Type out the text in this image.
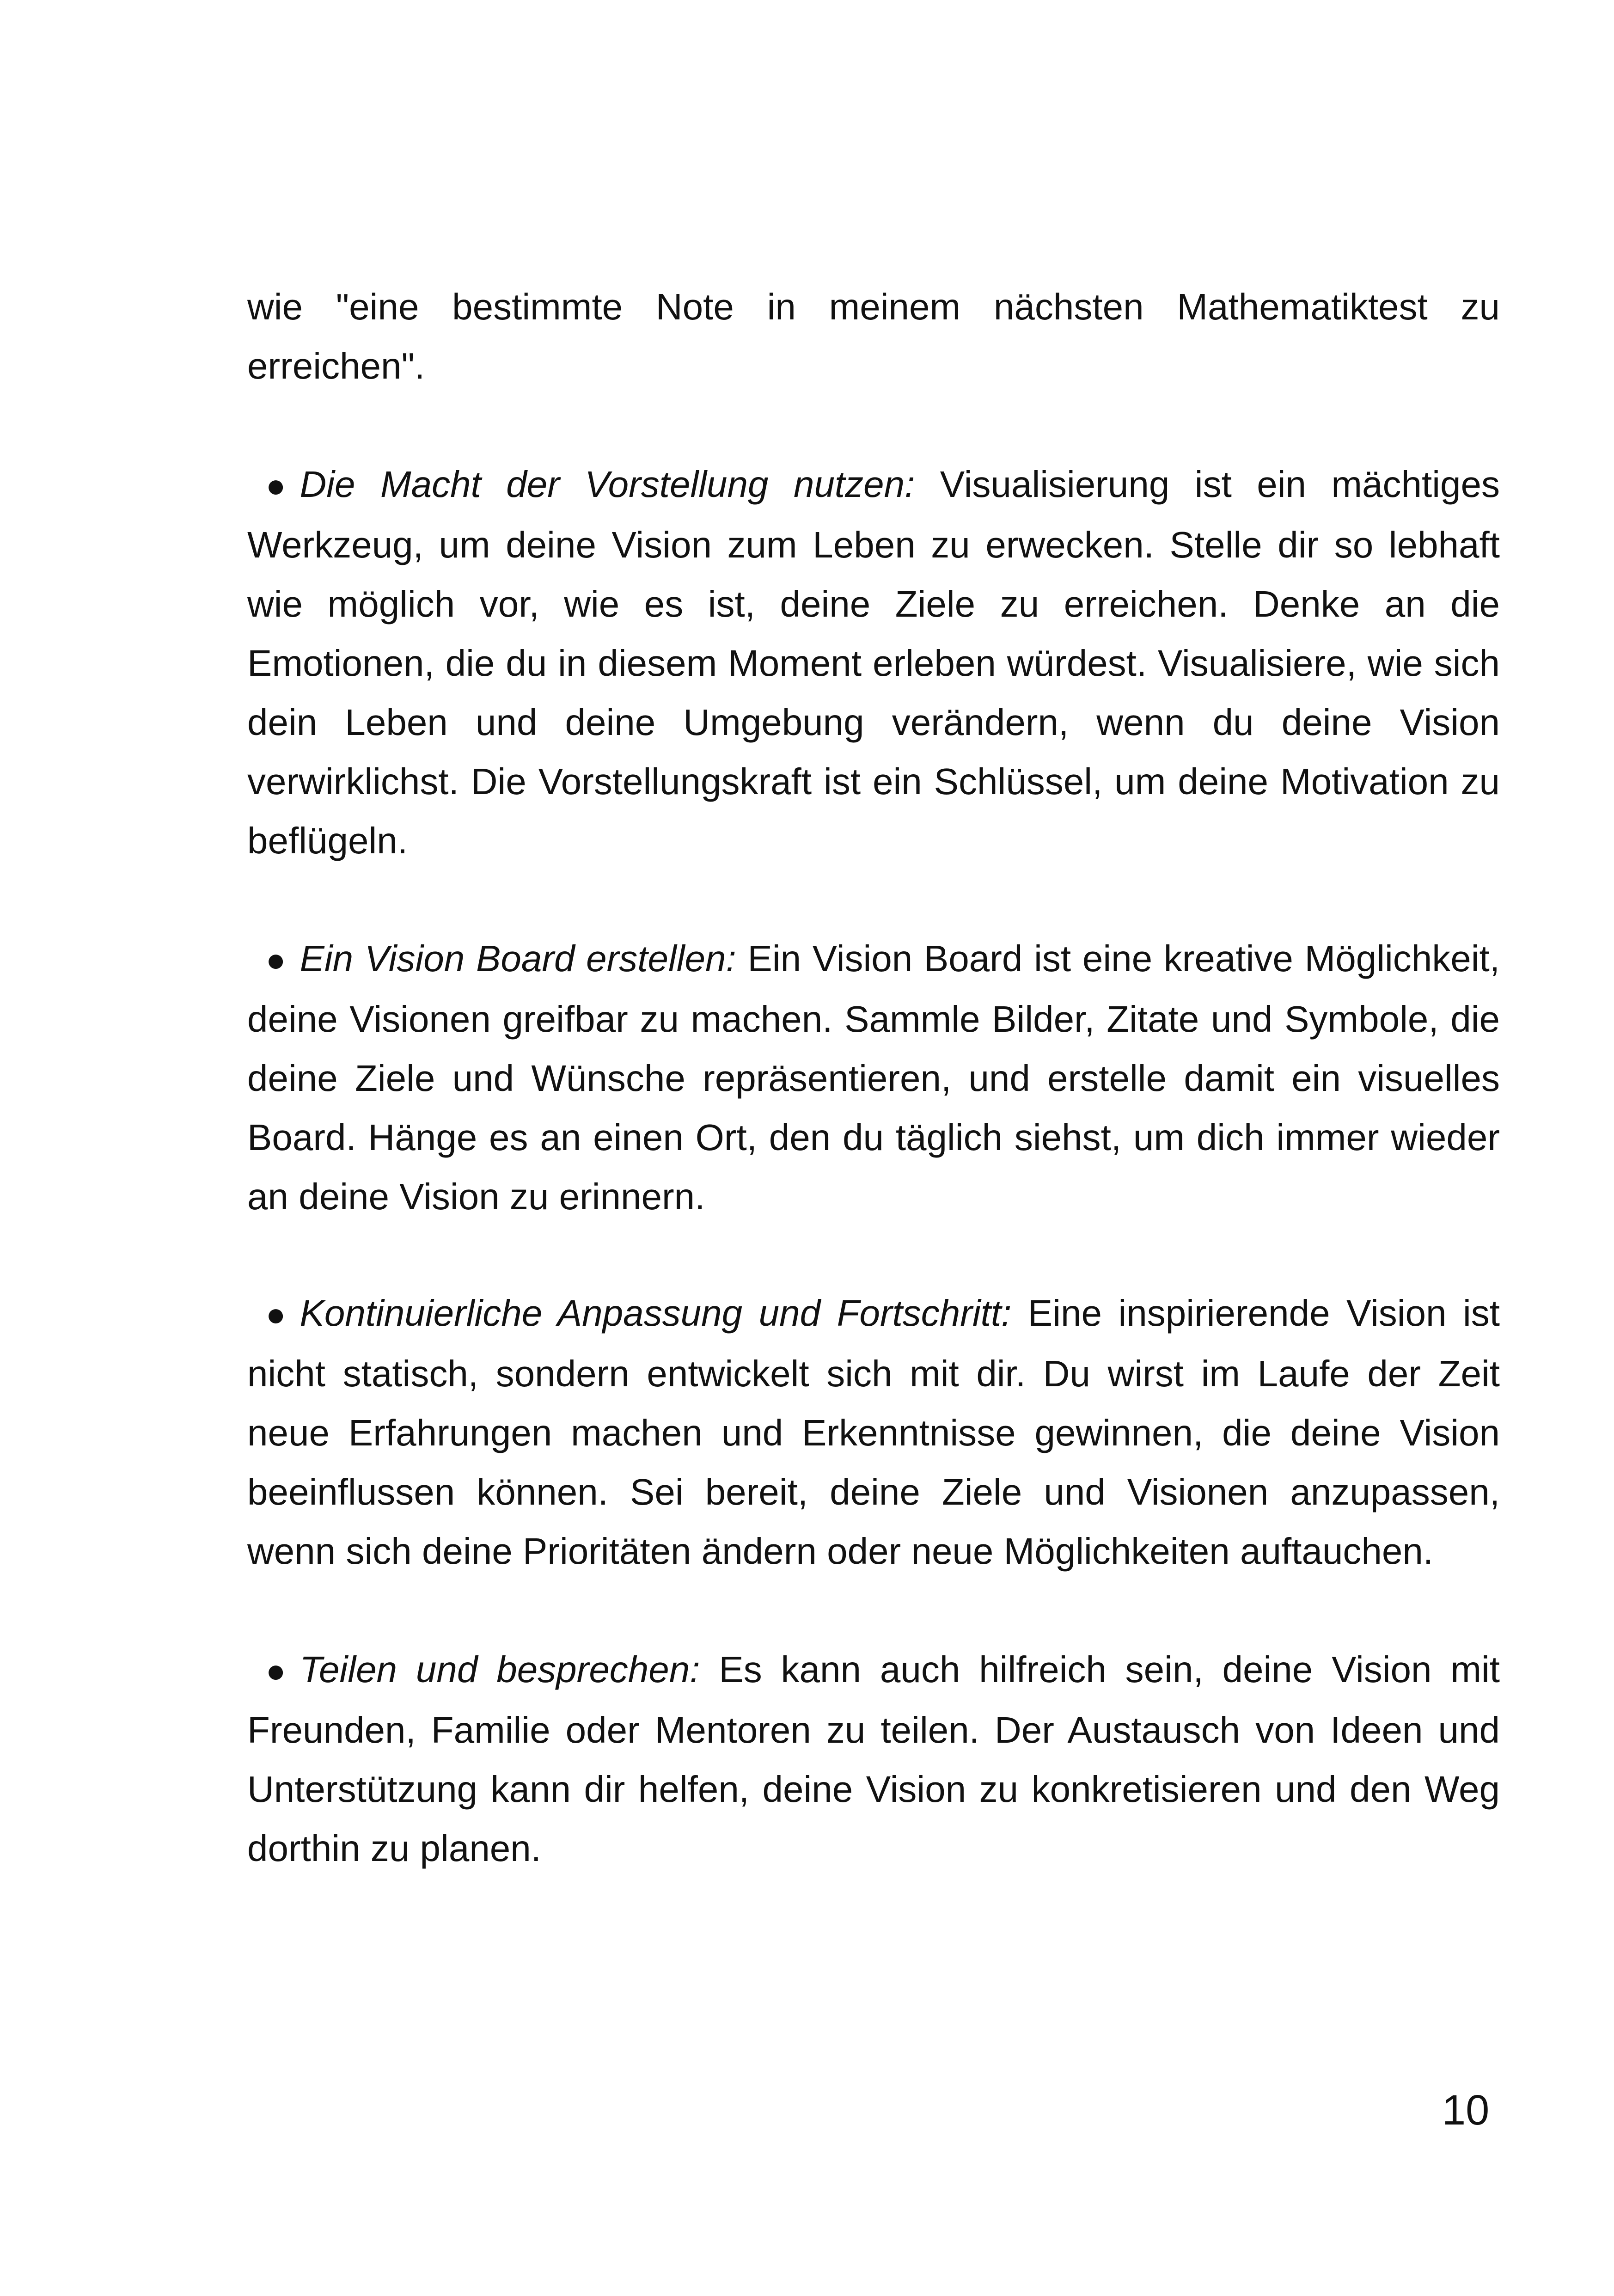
wie "eine bestimmte Note in meinem nächsten Mathematiktest zu erreichen".

● Die Macht der Vorstellung nutzen: Visualisierung ist ein mächtiges Werkzeug, um deine Vision zum Leben zu erwecken. Stelle dir so lebhaft wie möglich vor, wie es ist, deine Ziele zu erreichen. Denke an die Emotionen, die du in diesem Moment erleben würdest. Visualisiere, wie sich dein Leben und deine Umgebung verändern, wenn du deine Vision verwirklichst. Die Vorstellungskraft ist ein Schlüssel, um deine Motivation zu beflügeln.

● Ein Vision Board erstellen: Ein Vision Board ist eine kreative Möglichkeit, deine Visionen greifbar zu machen. Sammle Bilder, Zitate und Symbole, die deine Ziele und Wünsche repräsentieren, und erstelle damit ein visuelles Board. Hänge es an einen Ort, den du täglich siehst, um dich immer wieder an deine Vision zu erinnern.

● Kontinuierliche Anpassung und Fortschritt: Eine inspirierende Vision ist nicht statisch, sondern entwickelt sich mit dir. Du wirst im Laufe der Zeit neue Erfahrungen machen und Erkenntnisse gewinnen, die deine Vision beeinflussen können. Sei bereit, deine Ziele und Visionen anzupassen, wenn sich deine Prioritäten ändern oder neue Möglichkeiten auftauchen.

● Teilen und besprechen: Es kann auch hilfreich sein, deine Vision mit Freunden, Familie oder Mentoren zu teilen. Der Austausch von Ideen und Unterstützung kann dir helfen, deine Vision zu konkretisieren und den Weg dorthin zu planen.

10
